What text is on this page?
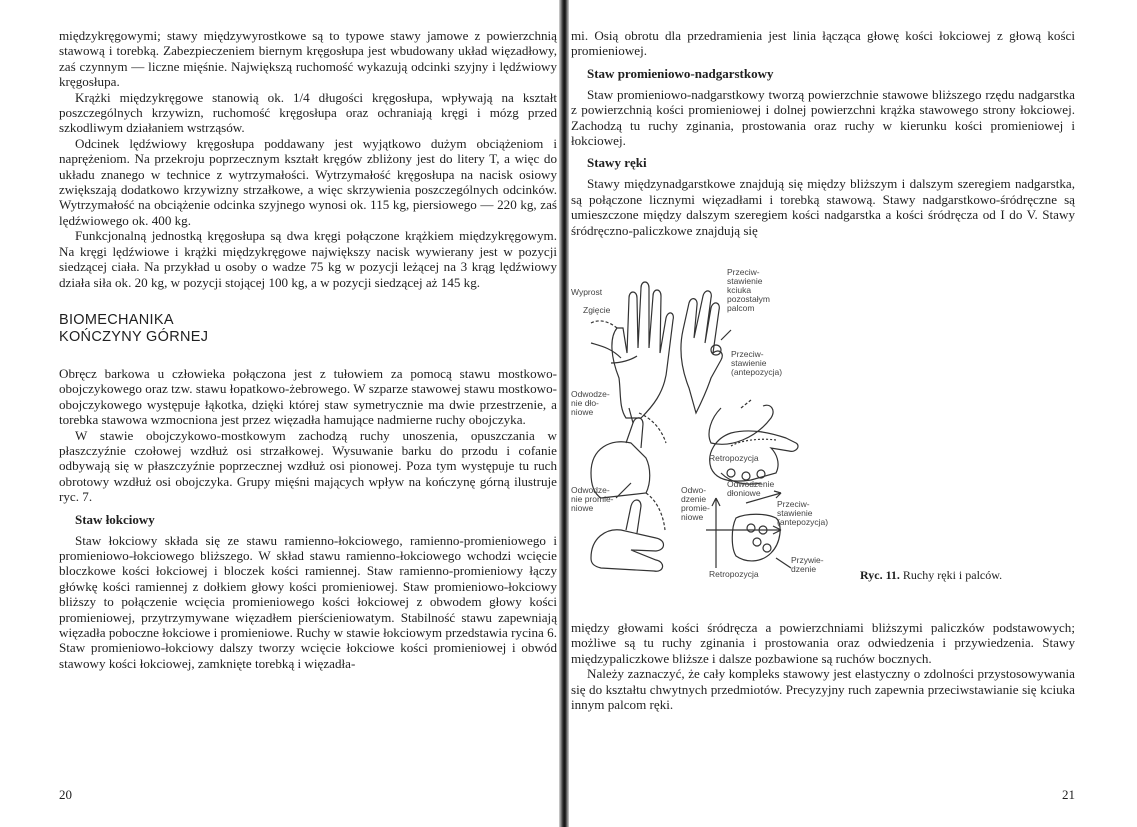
międzykręgowymi; stawy międzywyrostkowe są to typowe stawy jamowe z powierzchnią stawową i torebką. Zabezpieczeniem biernym kręgosłupa jest wbudowany układ więzadłowy, zaś czynnym — liczne mięśnie. Największą ruchomość wykazują odcinki szyjny i lędźwiowy kręgosłupa.

Krążki międzykręgowe stanowią ok. 1/4 długości kręgosłupa, wpływają na kształt poszczególnych krzywizn, ruchomość kręgosłupa oraz ochraniają kręgi i mózg przed szkodliwym działaniem wstrząsów.

Odcinek lędźwiowy kręgosłupa poddawany jest wyjątkowo dużym obciążeniom i naprężeniom. Na przekroju poprzecznym kształt kręgów zbliżony jest do litery T, a więc do układu znanego w technice z wytrzymałości. Wytrzymałość kręgosłupa na nacisk osiowy zwiększają dodatkowo krzywizny strzałkowe, a więc skrzywienia poszczególnych odcinków. Wytrzymałość na obciążenie odcinka szyjnego wynosi ok. 115 kg, piersiowego — 220 kg, zaś lędźwiowego ok. 400 kg.

Funkcjonalną jednostką kręgosłupa są dwa kręgi połączone krążkiem międzykręgowym. Na kręgi lędźwiowe i krążki międzykręgowe największy nacisk wywierany jest w pozycji siedzącej ciała. Na przykład u osoby o wadze 75 kg w pozycji leżącej na 3 krąg lędźwiowy działa siła ok. 20 kg, w pozycji stojącej 100 kg, a w pozycji siedzącej aż 145 kg.

BIOMECHANIKA
KOŃCZYNY GÓRNEJ

Obręcz barkowa u człowieka połączona jest z tułowiem za pomocą stawu mostkowo-obojczykowego oraz tzw. stawu łopatkowo-żebrowego. W szparze stawowej stawu mostkowo-obojczykowego występuje łąkotka, dzięki której staw symetrycznie ma dwie przestrzenie, a torebka stawowa wzmocniona jest przez więzadła hamujące nadmierne ruchy obojczyka.

W stawie obojczykowo-mostkowym zachodzą ruchy unoszenia, opuszczania w płaszczyźnie czołowej wzdłuż osi strzałkowej. Wysuwanie barku do przodu i cofanie odbywają się w płaszczyźnie poprzecznej wzdłuż osi pionowej. Poza tym występuje tu ruch obrotowy wzdłuż osi obojczyka. Grupy mięśni mających wpływ na kończynę górną ilustruje ryc. 7.

Staw łokciowy

Staw łokciowy składa się ze stawu ramienno-łokciowego, ramienno-promieniowego i promieniowo-łokciowego bliższego. W skład stawu ramienno-łokciowego wchodzi wcięcie bloczkowe kości łokciowej i bloczek kości ramiennej. Staw ramienno-promieniowy łączy główkę kości ramiennej z dołkiem głowy kości promieniowej. Staw promieniowo-łokciowy bliższy to połączenie wcięcia promieniowego kości łokciowej z obwodem głowy kości promieniowej, przytrzymywane więzadłem pierścieniowatym. Stabilność stawu zapewniają więzadła poboczne łokciowe i promieniowe. Ruchy w stawie łokciowym przedstawia rycina 6. Staw promieniowo-łokciowy dalszy tworzy wcięcie łokciowe kości promieniowej i obwód stawowy kości łokciowej, zamknięte torebką i więzadła-

20

mi. Osią obrotu dla przedramienia jest linia łącząca głowę kości łokciowej z głową kości promieniowej.

Staw promieniowo-nadgarstkowy

Staw promieniowo-nadgarstkowy tworzą powierzchnie stawowe bliższego rzędu nadgarstka z powierzchnią kości promieniowej i dolnej powierzchni krążka stawowego strony łokciowej. Zachodzą tu ruchy zginania, prostowania oraz ruchy w kierunku kości promieniowej i łokciowej.

Stawy ręki

Stawy międzynadgarstkowe znajdują się między bliższym i dalszym szeregiem nadgarstka, są połączone licznymi więzadłami i torebką stawową. Stawy nadgarstkowo-śródręczne są umieszczone między dalszym szeregiem kości nadgarstka a kości śródręcza od I do V. Stawy śródręczno-paliczkowe znajdują się

Wyprost
Zgięcie
Przeciw-
stawienie
kciuka
pozostałym
palcom
Przeciw-
stawienie
(antepozycja)
Odwodze-
nie dło-
niowe
Retropozycja
Odwodze-
nie promie-
niowe
Odwo-
dzenie
promie-
niowe
Odwodzenie
dłoniowe
Przeciw-
stawienie
(antepozycja)
Przywie-
dzenie
Retropozycja	Ryc. 11. Ruchy ręki i palców.

między głowami kości śródręcza a powierzchniami bliższymi paliczków podstawowych; możliwe są tu ruchy zginania i prostowania oraz odwiedzenia i przywiedzenia. Stawy międzypaliczkowe bliższe i dalsze pozbawione są ruchów bocznych.

Należy zaznaczyć, że cały kompleks stawowy jest elastyczny o zdolności przystosowywania się do kształtu chwytnych przedmiotów. Precyzyjny ruch zapewnia przeciwstawianie się kciuka innym palcom ręki.

21
